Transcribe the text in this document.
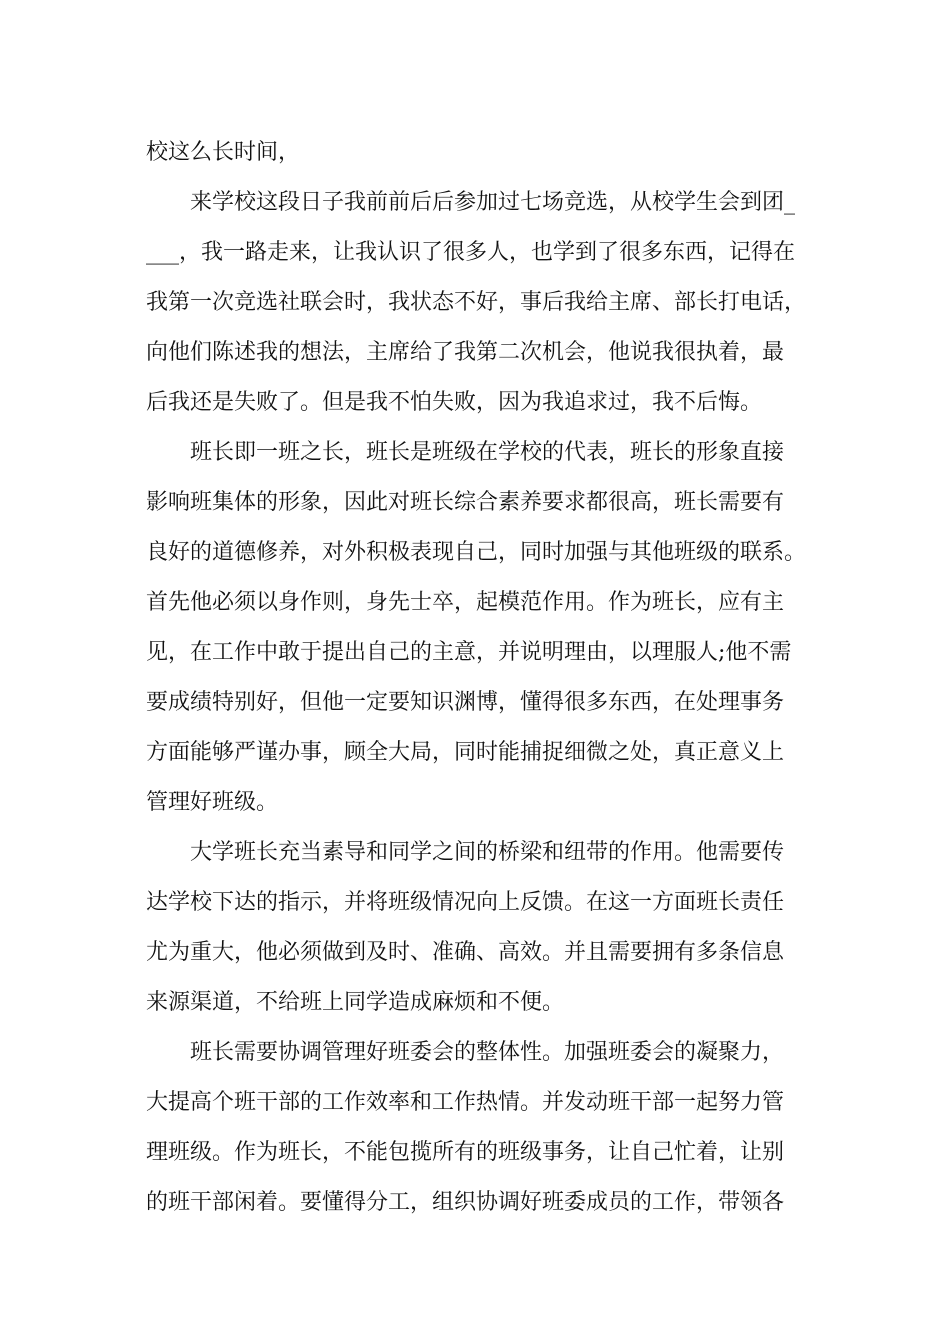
校这么长时间，
来学校这段日子我前前后后参加过七场竞选，从校学生会到团_
___，我一路走来，让我认识了很多人，也学到了很多东西，记得在
我第一次竞选社联会时，我状态不好，事后我给主席、部长打电话，
向他们陈述我的想法，主席给了我第二次机会，他说我很执着，最
后我还是失败了。但是我不怕失败，因为我追求过，我不后悔。
班长即一班之长，班长是班级在学校的代表，班长的形象直接
影响班集体的形象，因此对班长综合素养要求都很高，班长需要有
良好的道德修养，对外积极表现自己，同时加强与其他班级的联系。
首先他必须以身作则，身先士卒，起模范作用。作为班长，应有主
见，在工作中敢于提出自己的主意，并说明理由，以理服人;他不需
要成绩特别好，但他一定要知识渊博，懂得很多东西，在处理事务
方面能够严谨办事，顾全大局，同时能捕捉细微之处，真正意义上
管理好班级。
大学班长充当素导和同学之间的桥梁和纽带的作用。他需要传
达学校下达的指示，并将班级情况向上反馈。在这一方面班长责任
尤为重大，他必须做到及时、准确、高效。并且需要拥有多条信息
来源渠道，不给班上同学造成麻烦和不便。
班长需要协调管理好班委会的整体性。加强班委会的凝聚力，
大提高个班干部的工作效率和工作热情。并发动班干部一起努力管
理班级。作为班长，不能包揽所有的班级事务，让自己忙着，让别
的班干部闲着。要懂得分工，组织协调好班委成员的工作，带领各
